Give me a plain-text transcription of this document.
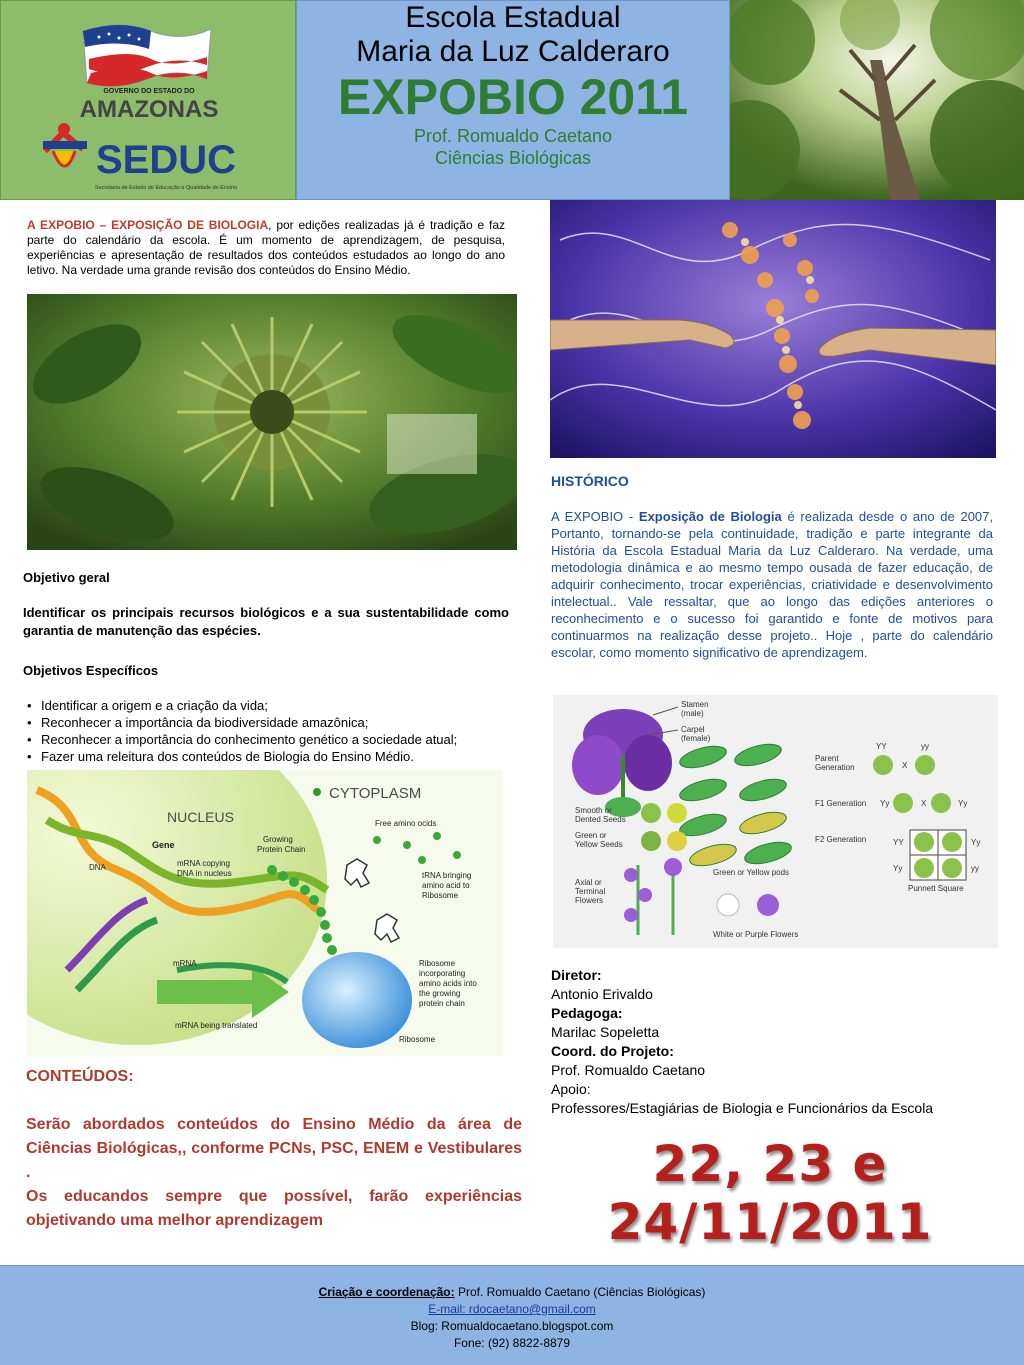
GOVERNO DO ESTADO DO
AMAZONAS
SEDUC
Secretaria de Estado de Educação e Qualidade do Ensino
Escola Estadual
Maria da Luz Calderaro
EXPOBIO 2011
Prof. Romualdo Caetano
Ciências Biológicas
A EXPOBIO – EXPOSIÇÃO DE BIOLOGIA, por edições realizadas já é tradição e faz parte do calendário da escola. É um momento de aprendizagem, de pesquisa, experiências e apresentação de resultados dos conteúdos estudados ao longo do ano letivo. Na verdade uma grande revisão dos conteúdos do Ensino Médio.
HISTÓRICO
A EXPOBIO - Exposição de Biologia é realizada desde o ano de 2007, Portanto, tornando-se pela continuidade, tradição e parte integrante da História da Escola Estadual Maria da Luz Calderaro. Na verdade, uma metodologia dinâmica e ao mesmo tempo ousada de fazer educação, de adquirir conhecimento, trocar experiências, criatividade e desenvolvimento intelectual.. Vale ressaltar, que ao longo das edições anteriores o reconhecimento e o sucesso foi garantido e fonte de motivos para continuarmos na realização desse projeto.. Hoje , parte do calendário escolar, como momento significativo de aprendizagem.
Objetivo geral
Identificar os principais recursos biológicos e a sua sustentabilidade como garantia de manutenção das espécies.
Objetivos Específicos
• Identificar a origem e a criação da vida;
• Reconhecer a importância da biodiversidade amazônica;
• Reconhecer a importância do conhecimento genético a sociedade atual;
• Fazer uma releitura dos conteúdos de Biologia do Ensino Médio.
Stamen
(male)
Carpel
(female)
Green or Yellow pods
Smooth or
Dented Seeds
Green or
Yellow Seeds
Axial or
Terminal
Flowers
White or Purple Flowers
Parent
Generation
YY	yy
X
F1 Generation Yy	X	Yy
F2 Generation	YY	Yy
Yy	yy
Punnett Square
CYTOPLASM
NUCLEUS
Gene
DNA	mRNA copying
DNA in nucleus
Growing
Protein Chain
Free amino ocids
tRNA bringing
amino acid to
Ribosome
Ribosome
incorporating
amino acids into
the growing
protein chain
Ribosome
mRNA
mRNA being translated
Diretor:
Antonio Erivaldo
Pedagoga:
Marilac Sopeletta
Coord. do Projeto:
Prof. Romualdo Caetano
Apoio:
Professores/Estagiárias de Biologia e Funcionários da Escola
CONTEÚDOS:
Serão abordados conteúdos do Ensino Médio da área de Ciências Biológicas,, conforme PCNs, PSC, ENEM e Vestibulares .
Os educandos sempre que possível, farão experiências objetivando uma melhor aprendizagem
22, 23 e
24/11/2011
Criação e coordenação: Prof. Romualdo Caetano (Ciências Biológicas)
E-mail: rdocaetano@gmail.com
Blog: Romualdocaetano.blogspot.com
Fone: (92) 8822-8879
